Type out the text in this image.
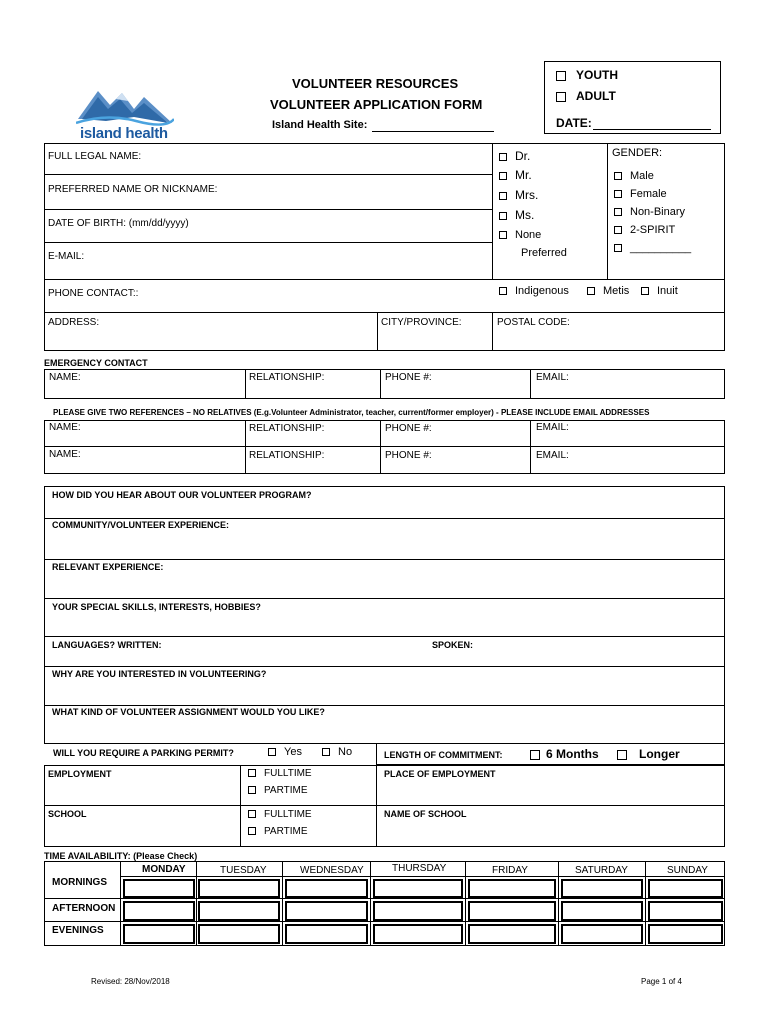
island health
VOLUNTEER RESOURCES
VOLUNTEER APPLICATION FORM
Island Health Site:
YOUTH
ADULT
DATE:
FULL LEGAL NAME:
PREFERRED NAME OR NICKNAME:
DATE OF BIRTH: (mm/dd/yyyy)
E-MAIL:
PHONE CONTACT::
ADDRESS:	CITY/PROVINCE:	POSTAL CODE:
Dr.
Mr.
Mrs.
Ms.
None
Preferred
GENDER:
Male
Female
Non-Binary
2-SPIRIT
__________
Indigenous	Metis	Inuit
EMERGENCY CONTACT
NAME:	RELATIONSHIP:	PHONE #:	EMAIL:
PLEASE GIVE TWO REFERENCES – NO RELATIVES (E.g.Volunteer Administrator, teacher, current/former employer) - PLEASE INCLUDE EMAIL ADDRESSES
NAME:	RELATIONSHIP:	PHONE #:	EMAIL:
NAME:	RELATIONSHIP:	PHONE #:	EMAIL:
HOW DID YOU HEAR ABOUT OUR VOLUNTEER PROGRAM?
COMMUNITY/VOLUNTEER EXPERIENCE:
RELEVANT EXPERIENCE:
YOUR SPECIAL SKILLS, INTERESTS, HOBBIES?
LANGUAGES? WRITTEN:	SPOKEN:
WHY ARE YOU INTERESTED IN VOLUNTEERING?
WHAT KIND OF VOLUNTEER ASSIGNMENT WOULD YOU LIKE?
WILL YOU REQUIRE A PARKING PERMIT?	Yes	No	LENGTH OF COMMITMENT:	6 Months	Longer
EMPLOYMENT	FULLTIME
PARTIME
PLACE OF EMPLOYMENT
SCHOOL	FULLTIME
PARTIME
NAME OF SCHOOL
TIME AVAILABILITY: (Please Check)
MONDAY	TUESDAY	WEDNESDAY	THURSDAY	FRIDAY	SATURDAY	SUNDAY
MORNINGS
AFTERNOON
EVENINGS
Revised: 28/Nov/2018	Page 1 of 4
